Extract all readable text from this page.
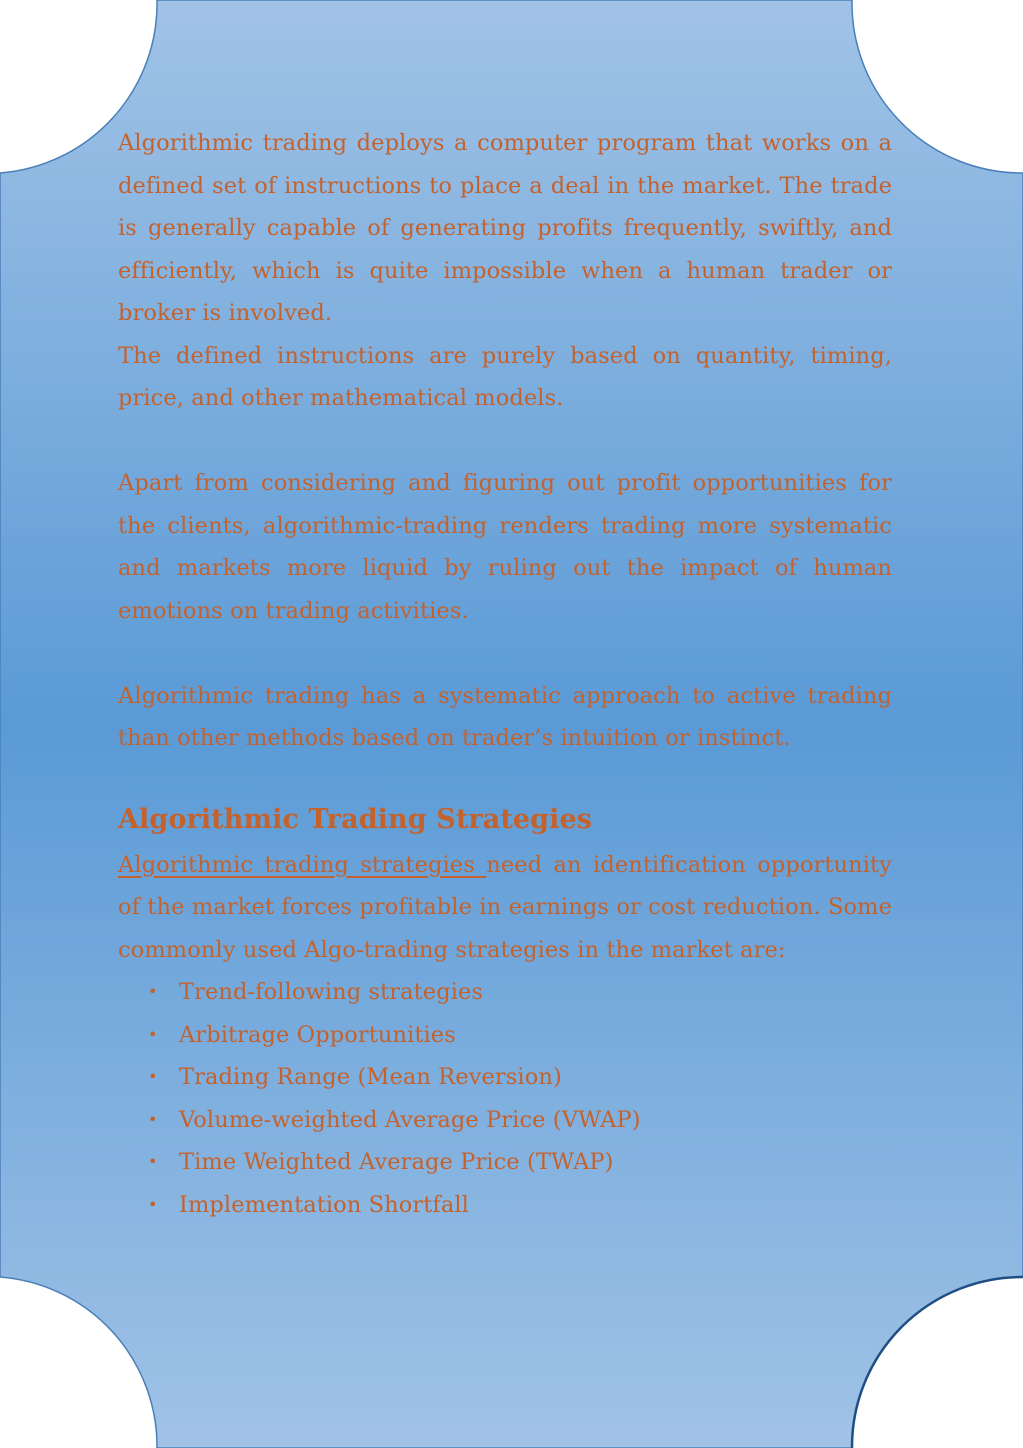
Algorithmic trading deploys a computer program that works on a defined set of instructions to place a deal in the market. The trade is generally capable of generating profits frequently, swiftly, and efficiently, which is quite impossible when a human trader or broker is involved.

The defined instructions are purely based on quantity, timing, price, and other mathematical models.

Apart from considering and figuring out profit opportunities for the clients, algorithmic-trading renders trading more systematic and markets more liquid by ruling out the impact of human emotions on trading activities.

Algorithmic trading has a systematic approach to active trading than other methods based on trader’s intuition or instinct.

Algorithmic Trading Strategies

Algorithmic trading strategies need an identification opportunity of the market forces profitable in earnings or cost reduction. Some commonly used Algo-trading strategies in the market are:

• Trend-following strategies
• Arbitrage Opportunities
• Trading Range (Mean Reversion)
• Volume-weighted Average Price (VWAP)
• Time Weighted Average Price (TWAP)
• Implementation Shortfall
